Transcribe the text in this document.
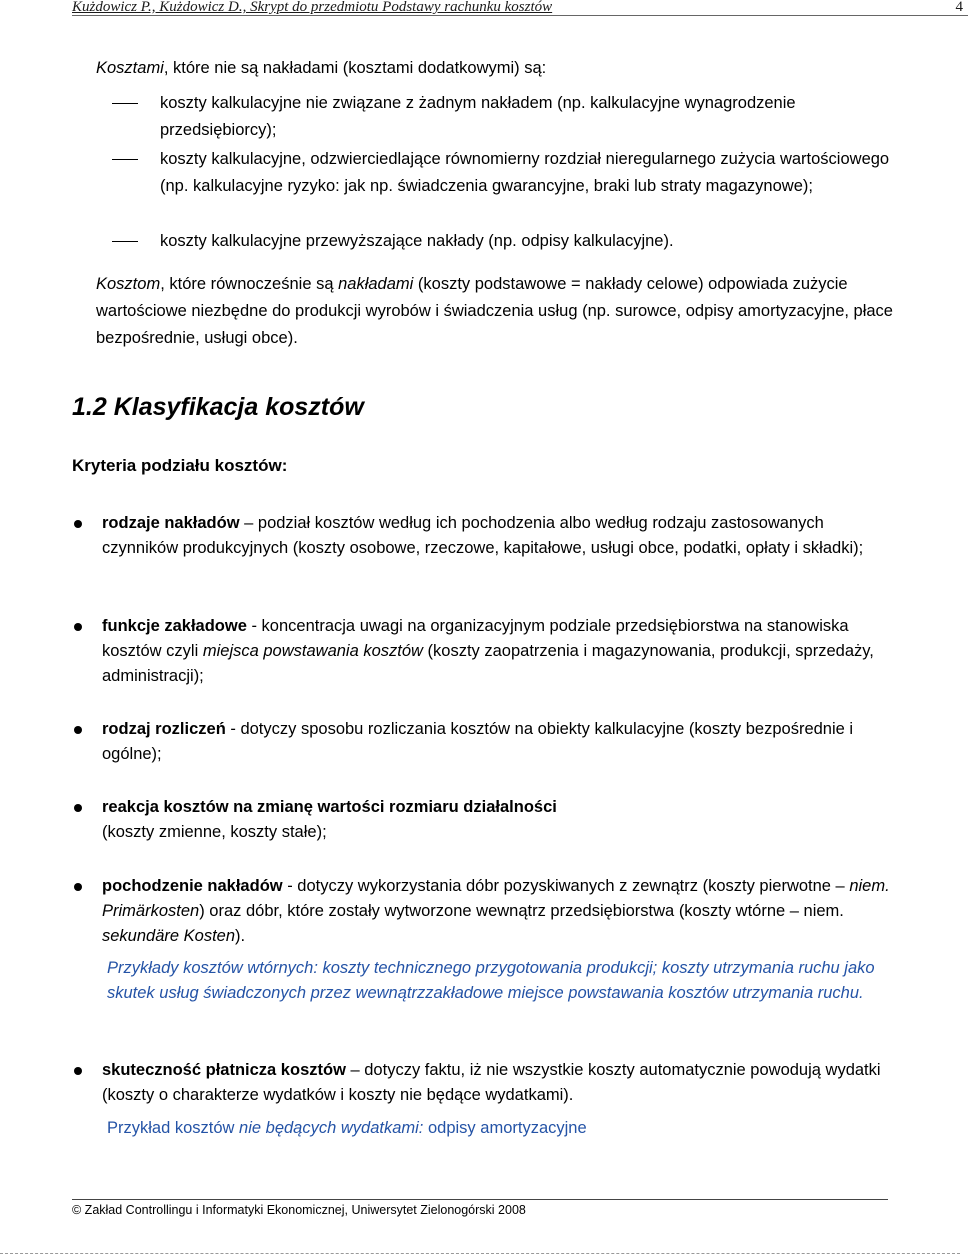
Kużdowicz P., Kużdowicz D., Skrypt do przedmiotu Podstawy rachunku kosztów	4

Kosztami, które nie są nakładami (kosztami dodatkowymi) są:

koszty kalkulacyjne nie związane z żadnym nakładem (np. kalkulacyjne wynagrodzenie przedsiębiorcy);
koszty kalkulacyjne, odzwierciedlające równomierny rozdział nieregularnego zużycia wartościowego (np. kalkulacyjne ryzyko: jak np. świadczenia gwarancyjne, braki lub straty magazynowe);
koszty kalkulacyjne przewyższające nakłady (np. odpisy kalkulacyjne).

Kosztom, które równocześnie są nakładami (koszty podstawowe = nakłady celowe) odpowiada zużycie wartościowe niezbędne do produkcji wyrobów i świadczenia usług (np. surowce, odpisy amortyzacyjne, płace bezpośrednie, usługi obce).

1.2 Klasyfikacja kosztów
Kryteria podziału kosztów:
rodzaje nakładów – podział kosztów według ich pochodzenia albo według rodzaju zastosowanych czynników produkcyjnych (koszty osobowe, rzeczowe, kapitałowe, usługi obce, podatki, opłaty i składki);
funkcje zakładowe - koncentracja uwagi na organizacyjnym podziale przedsiębiorstwa na stanowiska kosztów czyli miejsca powstawania kosztów (koszty zaopatrzenia i magazynowania, produkcji, sprzedaży, administracji);
rodzaj rozliczeń - dotyczy sposobu rozliczania kosztów na obiekty kalkulacyjne (koszty bezpośrednie i ogólne);
reakcja kosztów na zmianę wartości rozmiaru działalności
(koszty zmienne, koszty stałe);
pochodzenie nakładów - dotyczy wykorzystania dóbr pozyskiwanych z zewnątrz (koszty pierwotne – niem. Primärkosten) oraz dóbr, które zostały wytworzone wewnątrz przedsiębiorstwa (koszty wtórne – niem. sekundäre Kosten).
Przykłady kosztów wtórnych: koszty technicznego przygotowania produkcji; koszty utrzymania ruchu jako skutek usług świadczonych przez wewnątrzzakładowe miejsce powstawania kosztów utrzymania ruchu.
skuteczność płatnicza kosztów – dotyczy faktu, iż nie wszystkie koszty automatycznie powodują wydatki (koszty o charakterze wydatków i koszty nie będące wydatkami).
Przykład kosztów nie będących wydatkami: odpisy amortyzacyjne
© Zakład Controllingu i Informatyki Ekonomicznej, Uniwersytet Zielonogórski 2008
